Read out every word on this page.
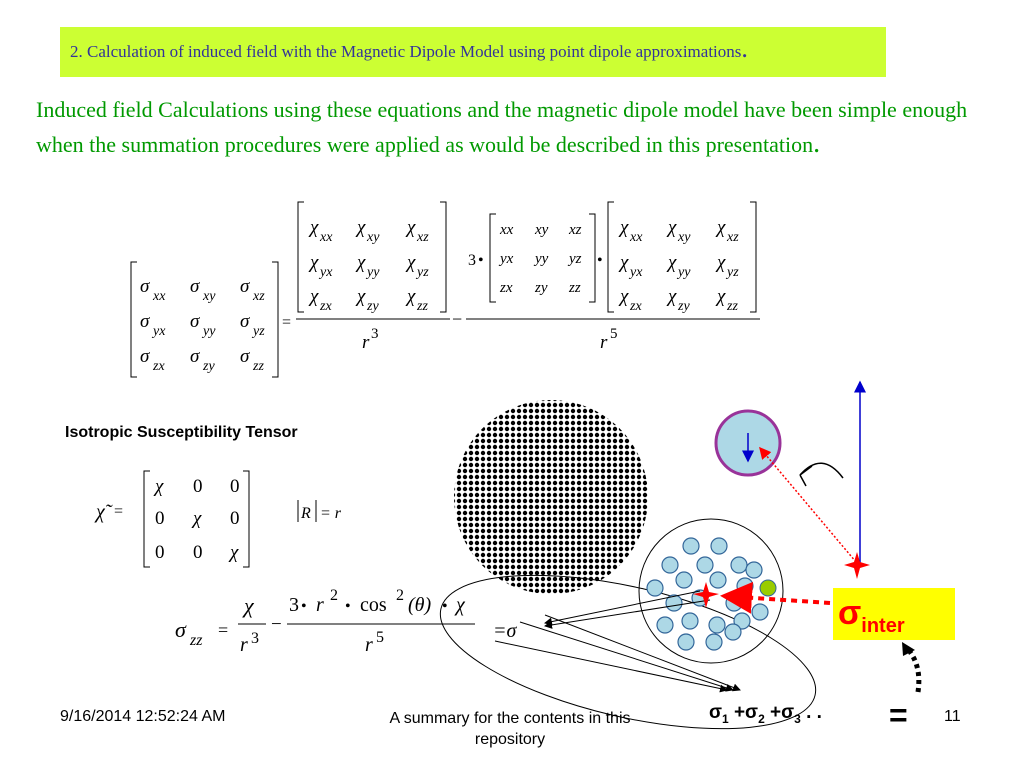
2. Calculation of induced field with the Magnetic Dipole Model using point dipole approximations.
Induced field Calculations using these equations and the magnetic dipole model have been simple enough when the summation procedures were applied as would be described in this presentation.
σ xx σ xy σ xz
σ yx σ yy σ yz
σ zx σ zy σ zz
=
χ xx χ xy χ xz
χ yx χ yy χ yz
χ zx χ zy χ zz
r 3
−
3 •
xx xy xz
yx yy yz
zx zy zz
•
χ xx χ xy χ xz
χ yx χ yy χ yz
χ zx χ zy χ zz
r 5
χ̃ =
χ 0 0
0 χ 0
0 0 χ
R⃗
= r
σ zz
=
χ
r 3
−
3 • r 2
• cos 2 (θ) • χ
r 5	=σ
Isotropic Susceptibility Tensor
$\sigma_{inter}$
$\sigma_1 +\sigma_2 +\sigma_3$ . . =
9/16/2014 12:52:24 AM	A summary for the contents in this repository
11
